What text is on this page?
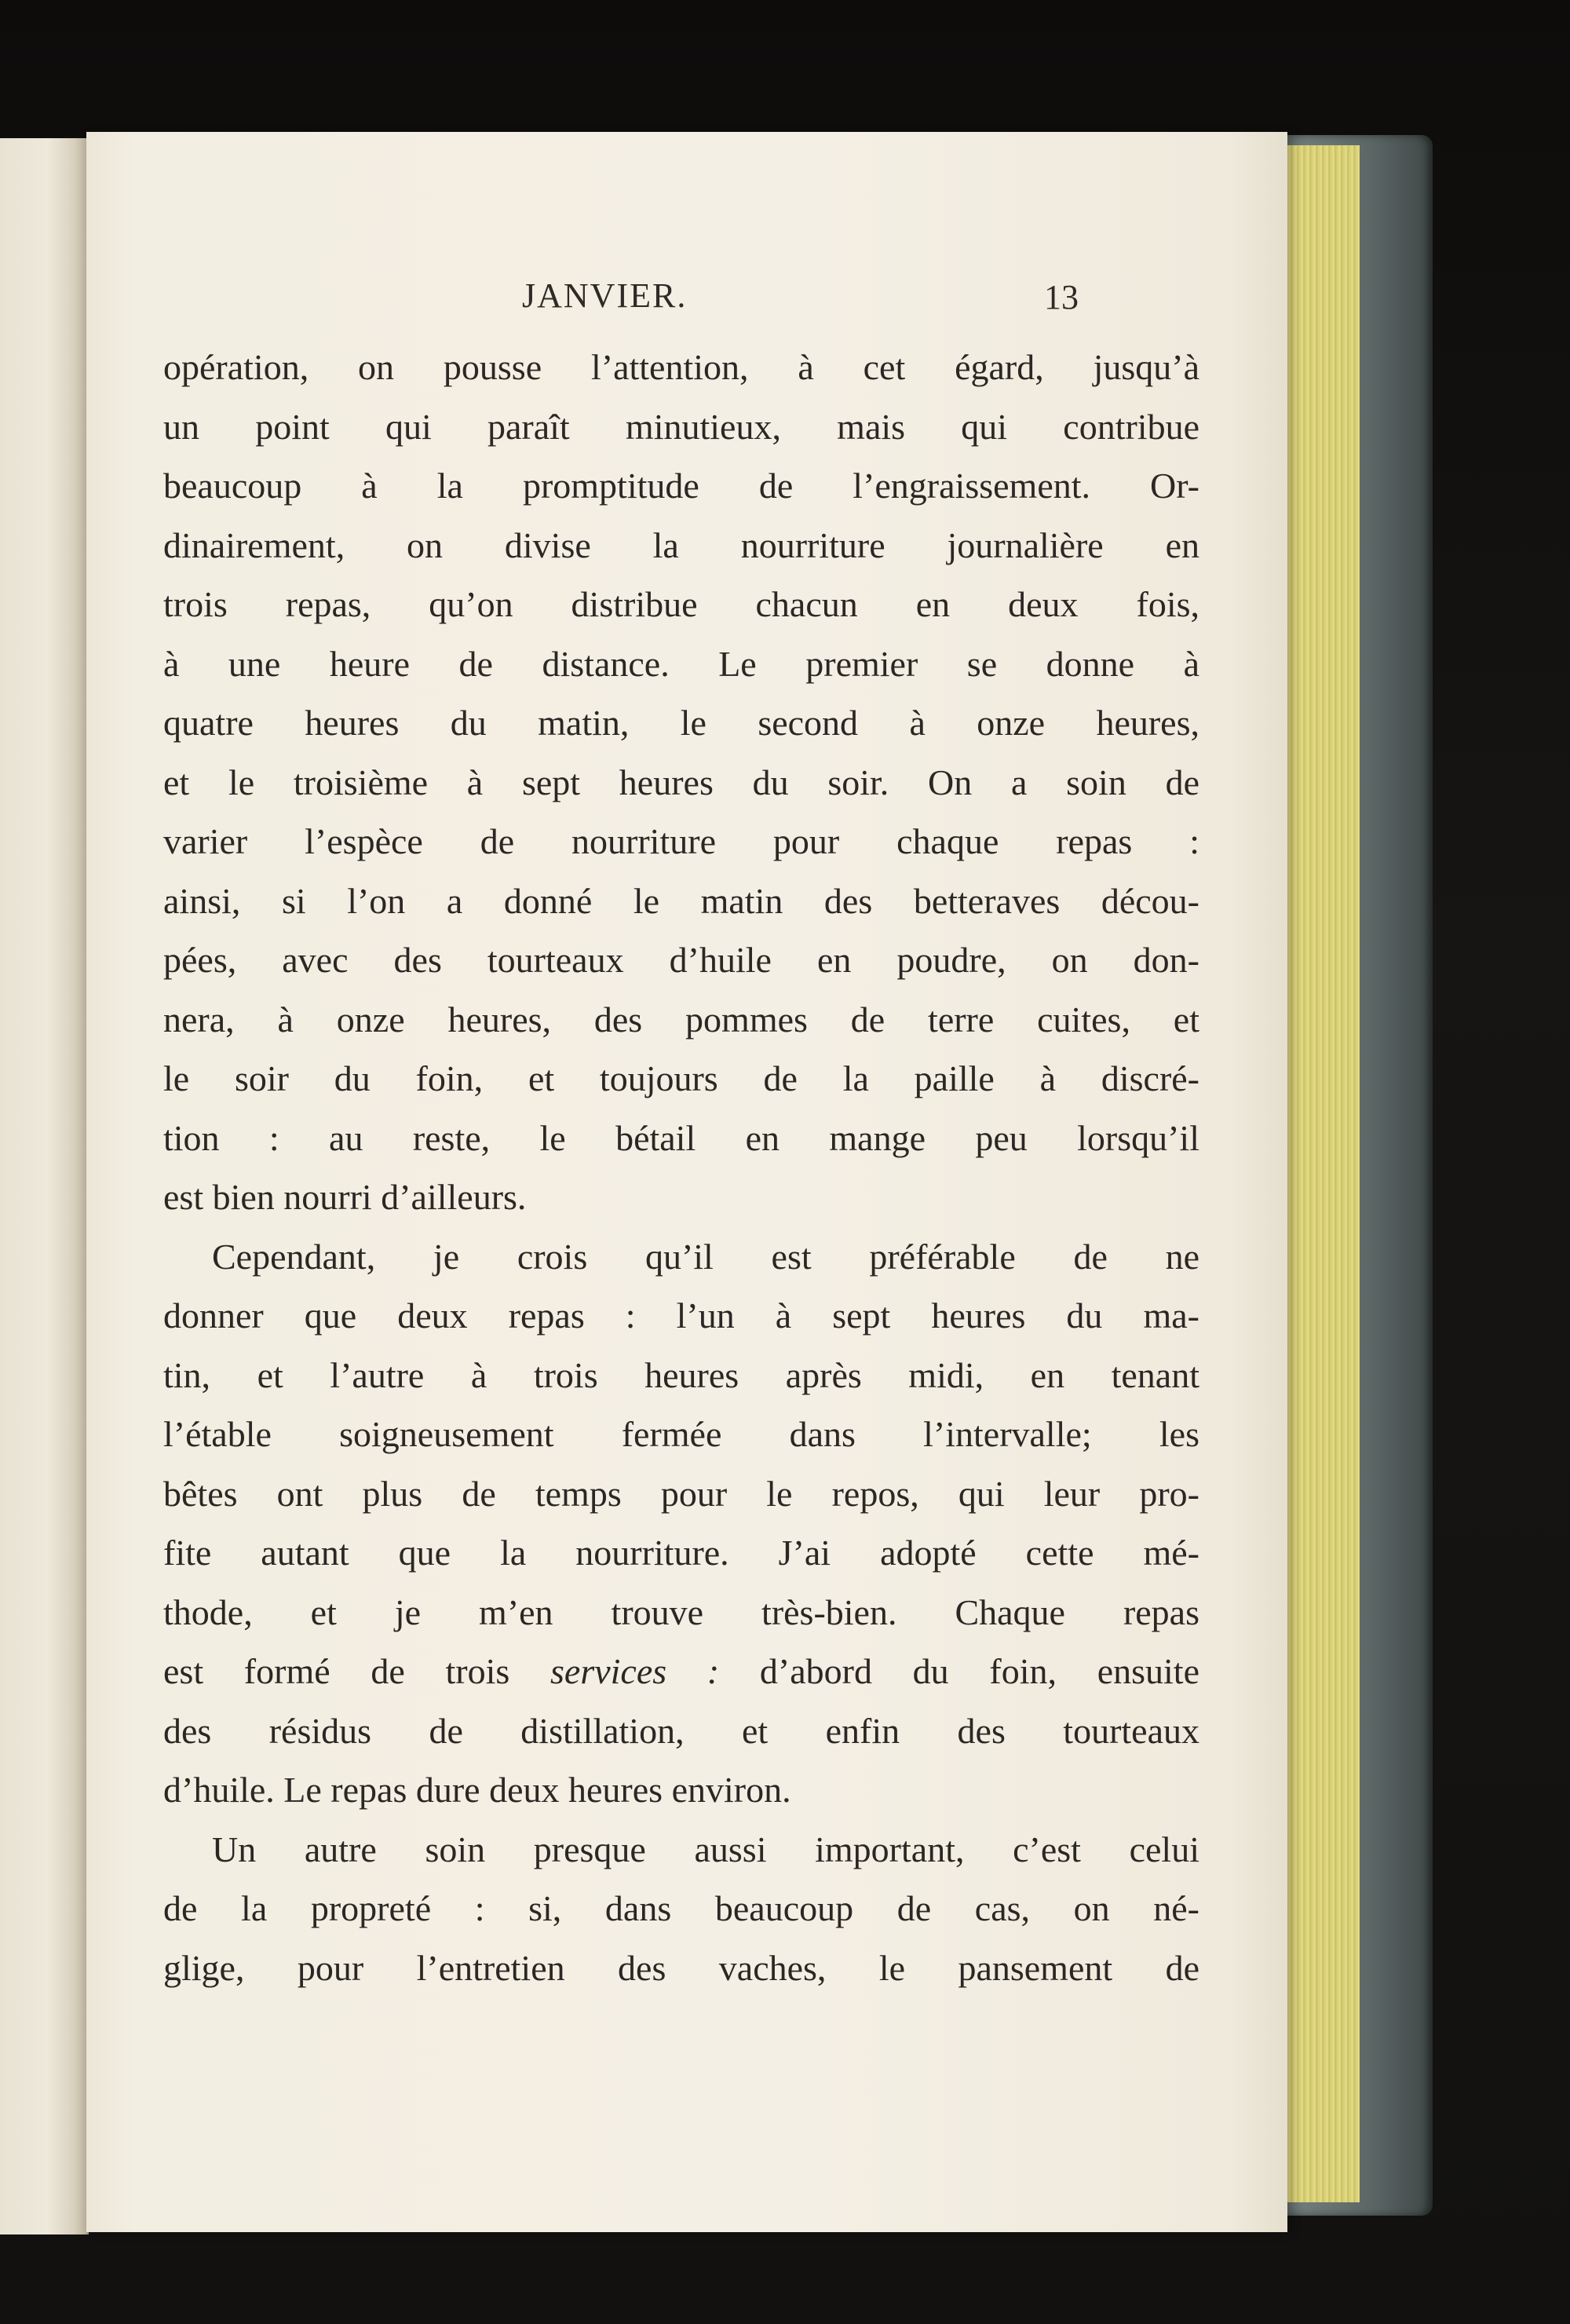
JANVIER.	13
opération, on pousse l’attention, à cet égard, jusqu’à
un point qui paraît minutieux, mais qui contribue
beaucoup à la promptitude de l’engraissement. Or-
dinairement, on divise la nourriture journalière en
trois repas, qu’on distribue chacun en deux fois,
à une heure de distance. Le premier se donne à
quatre heures du matin, le second à onze heures,
et le troisième à sept heures du soir. On a soin de
varier l’espèce de nourriture pour chaque repas :
ainsi, si l’on a donné le matin des betteraves décou-
pées, avec des tourteaux d’huile en poudre, on don-
nera, à onze heures, des pommes de terre cuites, et
le soir du foin, et toujours de la paille à discré-
tion : au reste, le bétail en mange peu lorsqu’il
est bien nourri d’ailleurs.
Cependant, je crois qu’il est préférable de ne
donner que deux repas : l’un à sept heures du ma-
tin, et l’autre à trois heures après midi, en tenant
l’étable soigneusement fermée dans l’intervalle; les
bêtes ont plus de temps pour le repos, qui leur pro-
fite autant que la nourriture. J’ai adopté cette mé-
thode, et je m’en trouve très-bien. Chaque repas
est formé de trois services : d’abord du foin, ensuite
des résidus de distillation, et enfin des tourteaux
d’huile. Le repas dure deux heures environ.
Un autre soin presque aussi important, c’est celui
de la propreté : si, dans beaucoup de cas, on né-
glige, pour l’entretien des vaches, le pansement de
